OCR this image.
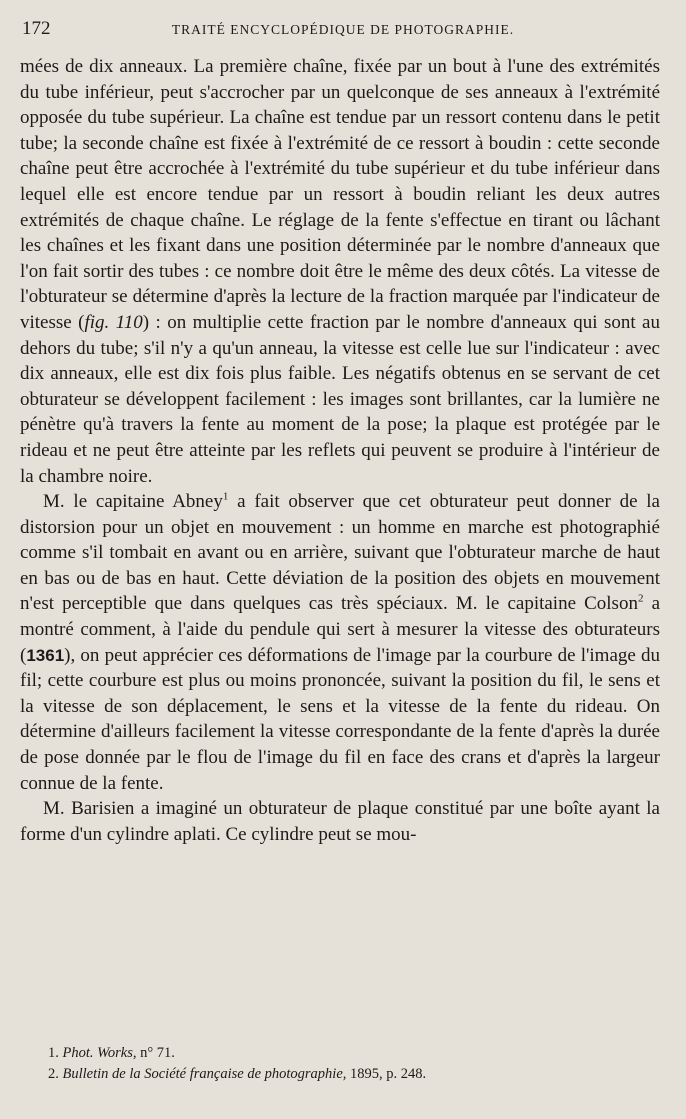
172	TRAITÉ ENCYCLOPÉDIQUE DE PHOTOGRAPHIE.

mées de dix anneaux. La première chaîne, fixée par un bout à l'une des extrémités du tube inférieur, peut s'accrocher par un quelconque de ses anneaux à l'extrémité opposée du tube supérieur. La chaîne est tendue par un ressort contenu dans le petit tube; la seconde chaîne est fixée à l'extrémité de ce ressort à boudin : cette seconde chaîne peut être accrochée à l'extrémité du tube supérieur et du tube inférieur dans lequel elle est encore tendue par un ressort à boudin reliant les deux autres extrémités de chaque chaîne. Le réglage de la fente s'effectue en tirant ou lâchant les chaînes et les fixant dans une position déterminée par le nombre d'anneaux que l'on fait sortir des tubes : ce nombre doit être le même des deux côtés. La vitesse de l'obturateur se détermine d'après la lecture de la fraction marquée par l'indicateur de vitesse (fig. 110) : on multiplie cette fraction par le nombre d'anneaux qui sont au dehors du tube; s'il n'y a qu'un anneau, la vitesse est celle lue sur l'indicateur : avec dix anneaux, elle est dix fois plus faible. Les négatifs obtenus en se servant de cet obturateur se développent facilement : les images sont brillantes, car la lumière ne pénètre qu'à travers la fente au moment de la pose; la plaque est protégée par le rideau et ne peut être atteinte par les reflets qui peuvent se produire à l'intérieur de la chambre noire.

M. le capitaine Abney$^1$ a fait observer que cet obturateur peut donner de la distorsion pour un objet en mouvement : un homme en marche est photographié comme s'il tombait en avant ou en arrière, suivant que l'obturateur marche de haut en bas ou de bas en haut. Cette déviation de la position des objets en mouvement n'est perceptible que dans quelques cas très spéciaux. M. le capitaine Colson$^2$ a montré comment, à l'aide du pendule qui sert à mesurer la vitesse des obturateurs (1361), on peut apprécier ces déformations de l'image par la courbure de l'image du fil; cette courbure est plus ou moins prononcée, suivant la position du fil, le sens et la vitesse de son déplacement, le sens et la vitesse de la fente du rideau. On détermine d'ailleurs facilement la vitesse correspondante de la fente d'après la durée de pose donnée par le flou de l'image du fil en face des crans et d'après la largeur connue de la fente.

M. Barisien a imaginé un obturateur de plaque constitué par une boîte ayant la forme d'un cylindre aplati. Ce cylindre peut se mou-

1. Phot. Works, n° 71.

2. Bulletin de la Société française de photographie, 1895, p. 248.
